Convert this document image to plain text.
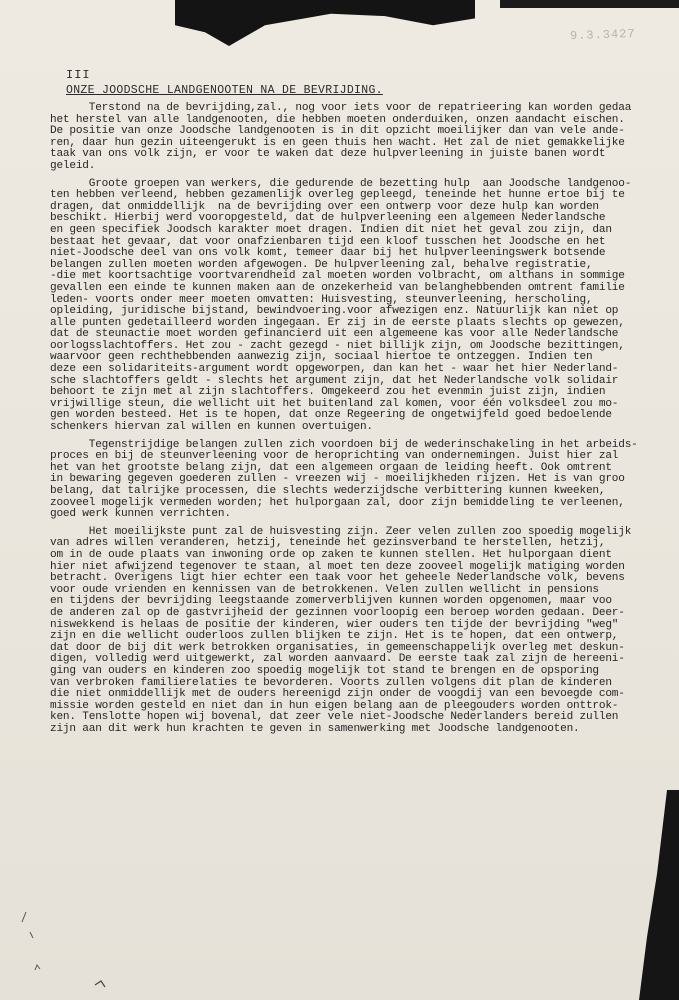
9.3.3427
III
ONZE JOODSCHE LANDGENOOTEN NA DE BEVRIJDING.
Terstond na de bevrijding,zal., nog voor iets voor de repatrieering kan worden gedaa
het herstel van alle landgenooten, die hebben moeten onderduiken, onzen aandacht eischen.
De positie van onze Joodsche landgenooten is in dit opzicht moeilijker dan van vele ande-
ren, daar hun gezin uiteengerukt is en geen thuis hen wacht. Het zal de niet gemakkelijke
taak van ons volk zijn, er voor te waken dat deze hulpverleening in juiste banen wordt
geleid.
Groote groepen van werkers, die gedurende de bezetting hulp  aan Joodsche landgenoo-
ten hebben verleend, hebben gezamenlijk overleg gepleegd, teneinde het hunne ertoe bij te
dragen, dat onmiddellijk  na de bevrijding over een ontwerp voor deze hulp kan worden
beschikt. Hierbij werd vooropgesteld, dat de hulpverleening een algemeen Nederlandsche
en geen specifiek Joodsch karakter moet dragen. Indien dit niet het geval zou zijn, dan
bestaat het gevaar, dat voor onafzienbaren tijd een kloof tusschen het Joodsche en het
niet-Joodsche deel van ons volk komt, temeer daar bij het hulpverleeningswerk botsende
belangen zullen moeten worden afgewogen. De hulpverleening zal, behalve registratie,
-die met koortsachtige voortvarendheid zal moeten worden volbracht, om althans in sommige
gevallen een einde te kunnen maken aan de onzekerheid van belanghebbenden omtrent familie
leden- voorts onder meer moeten omvatten: Huisvesting, steunverleening, herscholing,
opleiding, juridische bijstand, bewindvoering.voor afwezigen enz. Natuurlijk kan niet op
alle punten gedetailleerd worden ingegaan. Er zij in de eerste plaats slechts op gewezen,
dat de steunactie moet worden gefinancierd uit een algemeene kas voor alle Nederlandsche
oorlogsslachtoffers. Het zou - zacht gezegd - niet billijk zijn, om Joodsche bezittingen,
waarvoor geen rechthebbenden aanwezig zijn, sociaal hiertoe te ontzeggen. Indien ten
deze een solidariteits-argument wordt opgeworpen, dan kan het - waar het hier Nederland-
sche slachtoffers geldt - slechts het argument zijn, dat het Nederlandsche volk solidair
behoort te zijn met al zijn slachtoffers. Omgekeerd zou het evenmin juist zijn, indien
vrijwillige steun, die wellicht uit het buitenland zal komen, voor één volksdeel zou mo-
gen worden besteed. Het is te hopen, dat onze Regeering de ongetwijfeld goed bedoelende
schenkers hiervan zal willen en kunnen overtuigen.
Tegenstrijdige belangen zullen zich voordoen bij de wederinschakeling in het arbeids-
proces en bij de steunverleening voor de heroprichting van ondernemingen. Juist hier zal
het van het grootste belang zijn, dat een algemeen orgaan de leiding heeft. Ook omtrent
in bewaring gegeven goederen zullen - vreezen wij - moeilijkheden rijzen. Het is van groo
belang, dat talrijke processen, die slechts wederzijdsche verbittering kunnen kweeken,
zooveel mogelijk vermeden worden; het hulporgaan zal, door zijn bemiddeling te verleenen,
goed werk kunnen verrichten.
Het moeilijkste punt zal de huisvesting zijn. Zeer velen zullen zoo spoedig mogelijk
van adres willen veranderen, hetzij, teneinde het gezinsverband te herstellen, hetzij,
om in de oude plaats van inwoning orde op zaken te kunnen stellen. Het hulporgaan dient
hier niet afwijzend tegenover te staan, al moet ten deze zooveel mogelijk matiging worden
betracht. Overigens ligt hier echter een taak voor het geheele Nederlandsche volk, bevens
voor oude vrienden en kennissen van de betrokkenen. Velen zullen wellicht in pensions
en tijdens der bevrijding leegstaande zomerverblijven kunnen worden opgenomen, maar voo
de anderen zal op de gastvrijheid der gezinnen voorloopig een beroep worden gedaan. Deer-
niswekkend is helaas de positie der kinderen, wier ouders ten tijde der bevrijding "weg"
zijn en die wellicht ouderloos zullen blijken te zijn. Het is te hopen, dat een ontwerp,
dat door de bij dit werk betrokken organisaties, in gemeenschappelijk overleg met deskun-
digen, volledig werd uitgewerkt, zal worden aanvaard. De eerste taak zal zijn de hereeni-
ging van ouders en kinderen zoo spoedig mogelijk tot stand te brengen en de opsporing
van verbroken familierelaties te bevorderen. Voorts zullen volgens dit plan de kinderen
die niet onmiddellijk met de ouders hereenigd zijn onder de voogdij van een bevoegde com-
missie worden gesteld en niet dan in hun eigen belang aan de pleegouders worden onttrok-
ken. Tenslotte hopen wij bovenal, dat zeer vele niet-Joodsche Nederlanders bereid zullen
zijn aan dit werk hun krachten te geven in samenwerking met Joodsche landgenooten.
